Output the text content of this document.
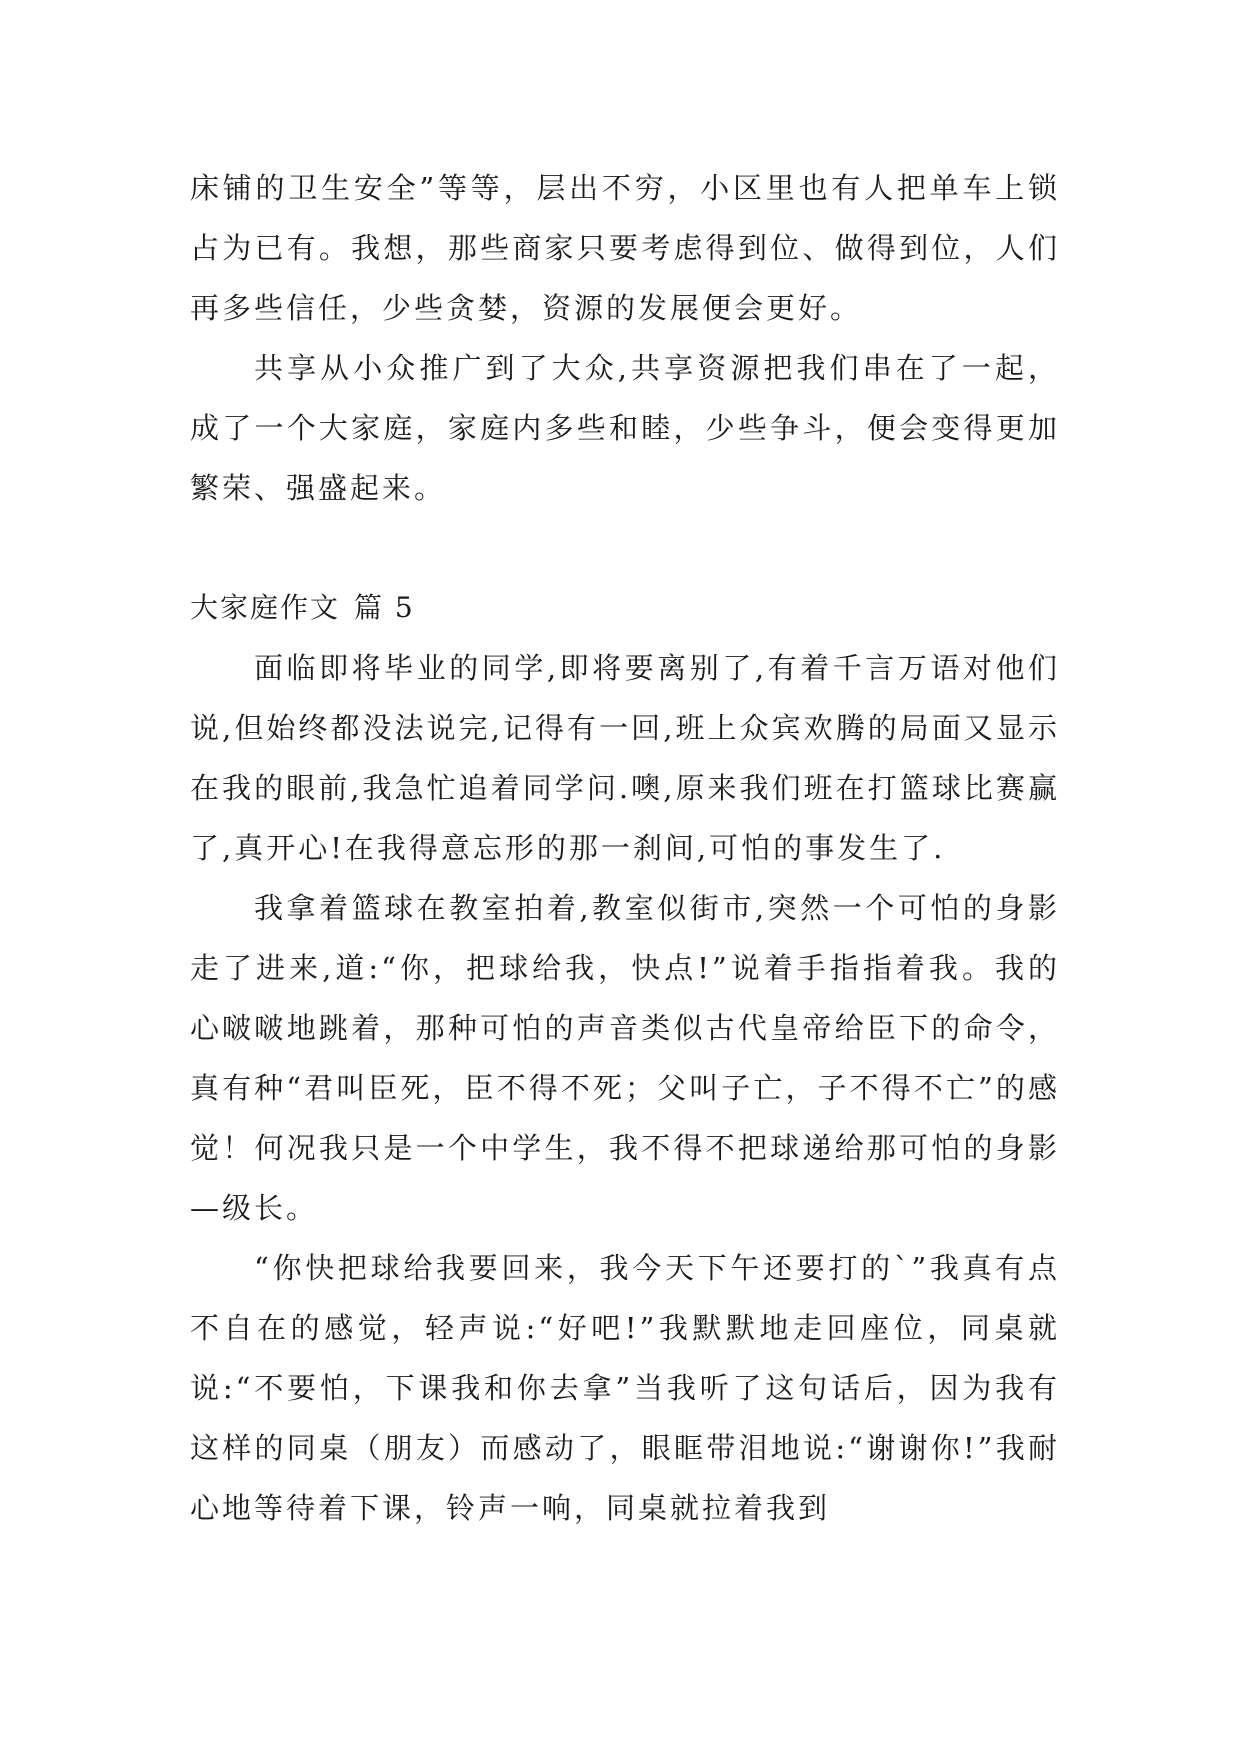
床铺的卫生安全”等等，层出不穷，小区里也有人把单车上锁占为已有。我想，那些商家只要考虑得到位、做得到位，人们再多些信任，少些贪婪，资源的发展便会更好。

共享从小众推广到了大众,共享资源把我们串在了一起，成了一个大家庭，家庭内多些和睦，少些争斗，便会变得更加繁荣、强盛起来。

大家庭作文 篇 5

面临即将毕业的同学,即将要离别了,有着千言万语对他们说,但始终都没法说完,记得有一回,班上众宾欢腾的局面又显示在我的眼前,我急忙追着同学问.噢,原来我们班在打篮球比赛赢了,真开心!在我得意忘形的那一刹间,可怕的事发生了.

我拿着篮球在教室拍着,教室似街市,突然一个可怕的身影走了进来,道:“你，把球给我，快点!”说着手指指着我。我的心啵啵地跳着，那种可怕的声音类似古代皇帝给臣下的命令，真有种“君叫臣死，臣不得不死；父叫子亡，子不得不亡”的感觉！何况我只是一个中学生，我不得不把球递给那可怕的身影—级长。

“你快把球给我要回来，我今天下午还要打的`”我真有点不自在的感觉，轻声说:“好吧!”我默默地走回座位，同桌就说:“不要怕，下课我和你去拿”当我听了这句话后，因为我有这样的同桌（朋友）而感动了，眼眶带泪地说:“谢谢你!”我耐心地等待着下课，铃声一响，同桌就拉着我到
